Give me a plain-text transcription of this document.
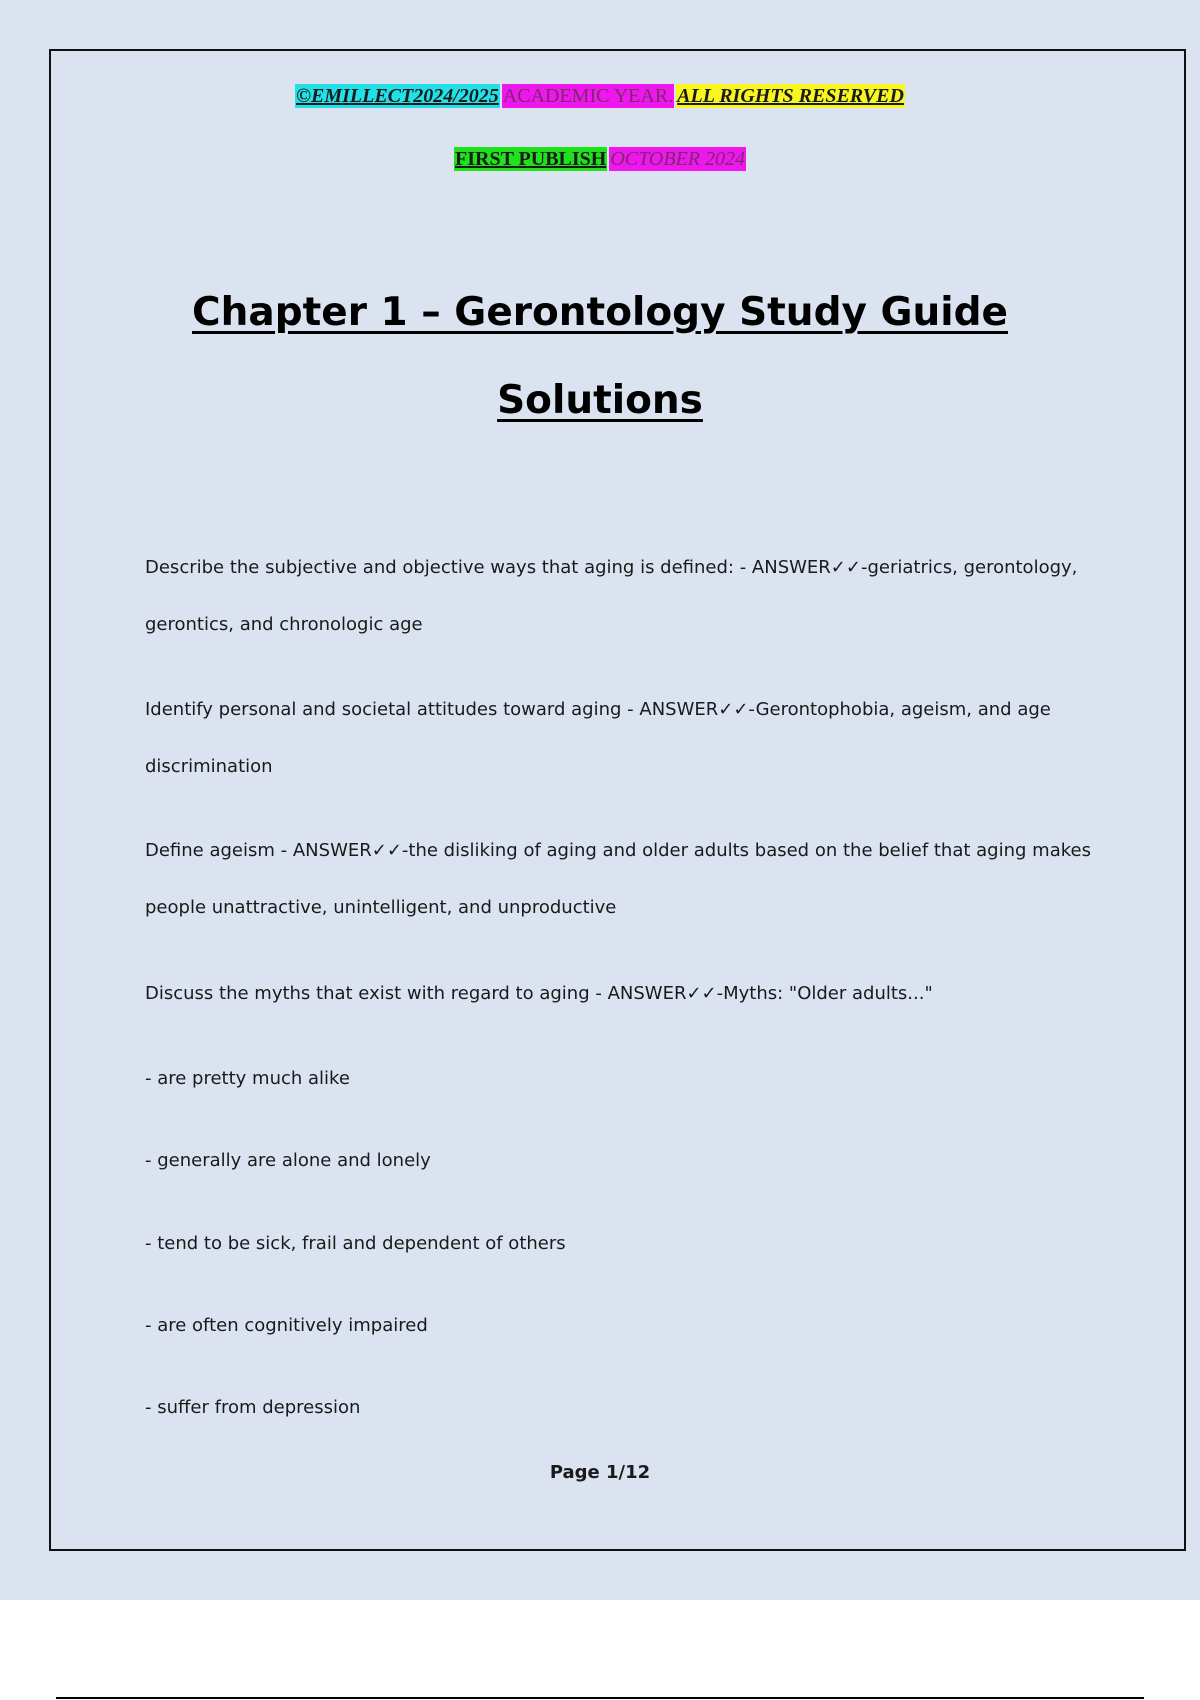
©EMILLECT2024/2025 ACADEMIC YEAR. ALL RIGHTS RESERVED
FIRST PUBLISH OCTOBER 2024
Chapter 1 – Gerontology Study Guide
Solutions
Describe the subjective and objective ways that aging is defined: - ANSWER✓✓-geriatrics, gerontology,
gerontics, and chronologic age
Identify personal and societal attitudes toward aging - ANSWER✓✓-Gerontophobia, ageism, and age
discrimination
Define ageism - ANSWER✓✓-the disliking of aging and older adults based on the belief that aging makes
people unattractive, unintelligent, and unproductive
Discuss the myths that exist with regard to aging - ANSWER✓✓-Myths: "Older adults..."
- are pretty much alike
- generally are alone and lonely
- tend to be sick, frail and dependent of others
- are often cognitively impaired
- suffer from depression
Page 1/12
